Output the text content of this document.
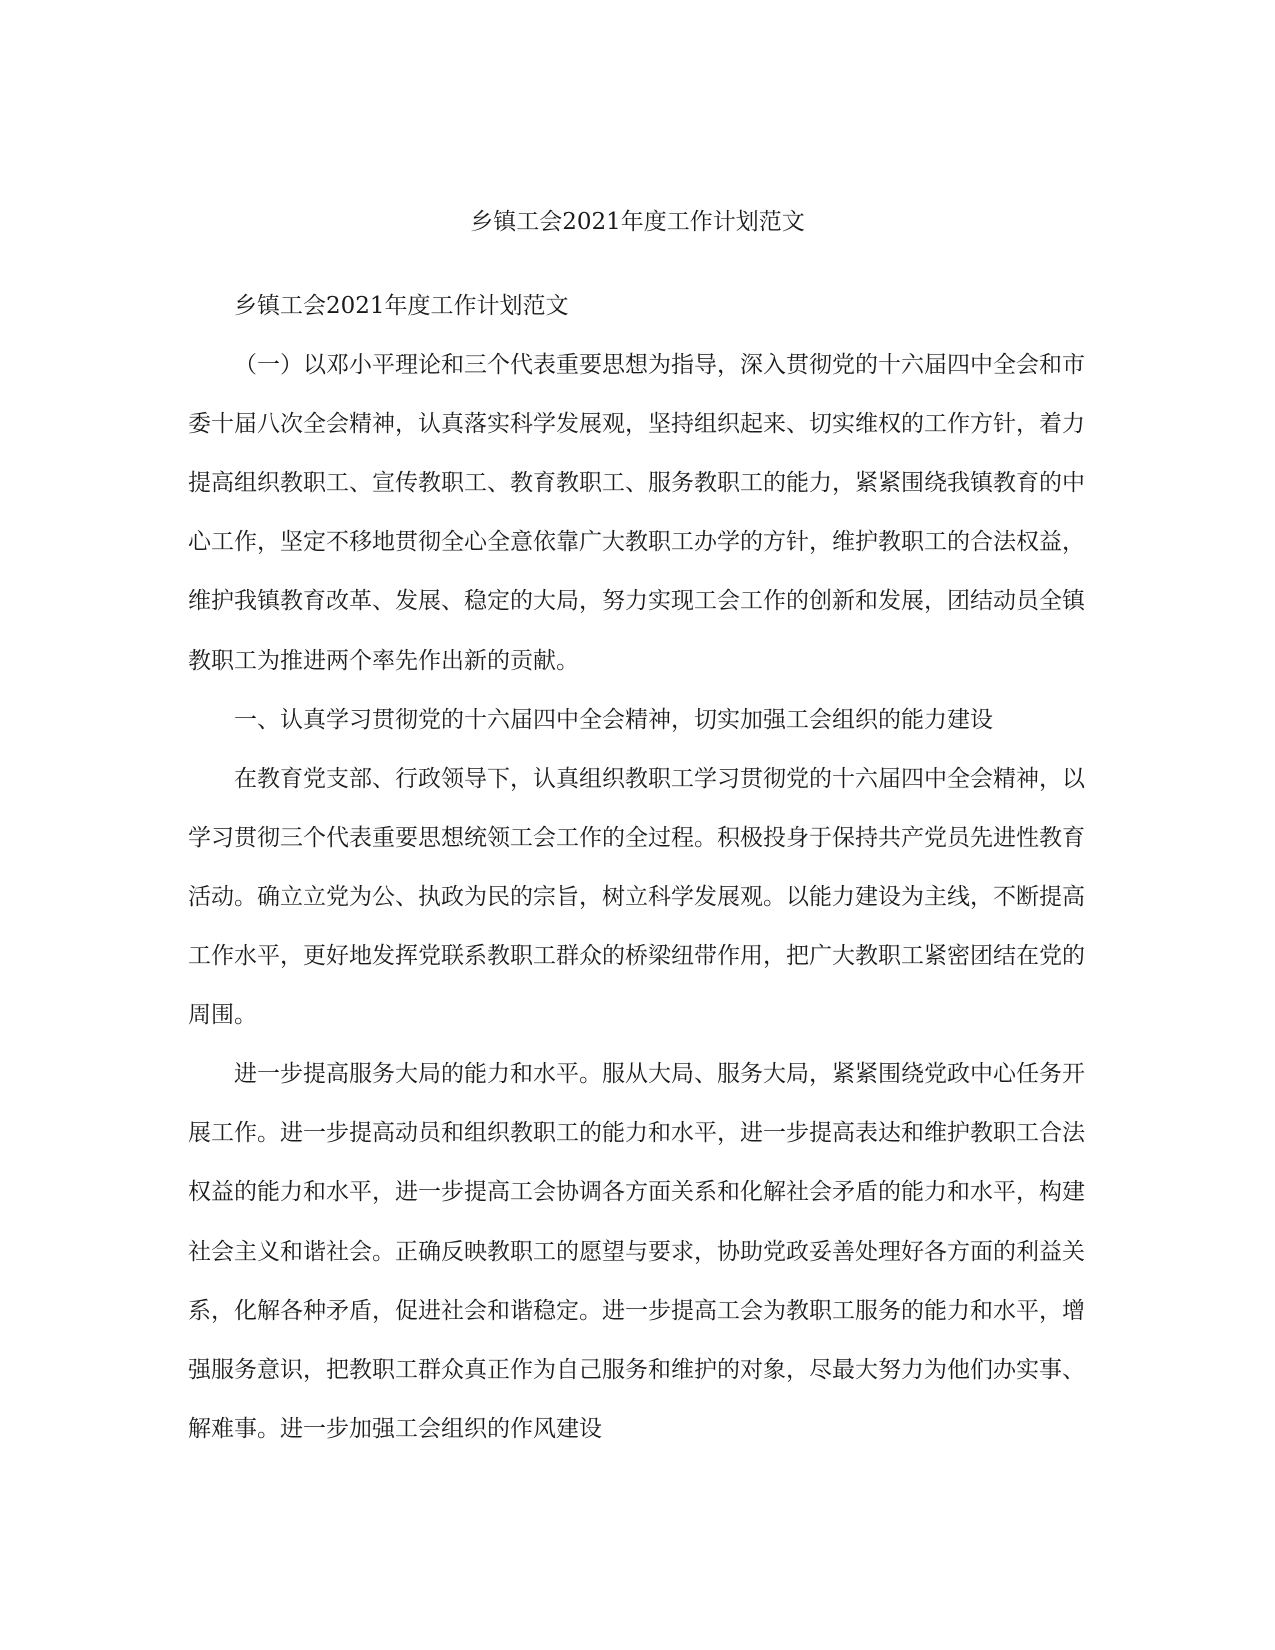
乡镇工会2021年度工作计划范文

乡镇工会2021年度工作计划范文

（一）以邓小平理论和三个代表重要思想为指导，深入贯彻党的十六届四中全会和市委十届八次全会精神，认真落实科学发展观，坚持组织起来、切实维权的工作方针，着力提高组织教职工、宣传教职工、教育教职工、服务教职工的能力，紧紧围绕我镇教育的中心工作，坚定不移地贯彻全心全意依靠广大教职工办学的方针，维护教职工的合法权益，维护我镇教育改革、发展、稳定的大局，努力实现工会工作的创新和发展，团结动员全镇教职工为推进两个率先作出新的贡献。

一、认真学习贯彻党的十六届四中全会精神，切实加强工会组织的能力建设

在教育党支部、行政领导下，认真组织教职工学习贯彻党的十六届四中全会精神，以学习贯彻三个代表重要思想统领工会工作的全过程。积极投身于保持共产党员先进性教育活动。确立立党为公、执政为民的宗旨，树立科学发展观。以能力建设为主线，不断提高工作水平，更好地发挥党联系教职工群众的桥梁纽带作用，把广大教职工紧密团结在党的周围。

进一步提高服务大局的能力和水平。服从大局、服务大局，紧紧围绕党政中心任务开展工作。进一步提高动员和组织教职工的能力和水平，进一步提高表达和维护教职工合法权益的能力和水平，进一步提高工会协调各方面关系和化解社会矛盾的能力和水平，构建社会主义和谐社会。正确反映教职工的愿望与要求，协助党政妥善处理好各方面的利益关系，化解各种矛盾，促进社会和谐稳定。进一步提高工会为教职工服务的能力和水平，增强服务意识，把教职工群众真正作为自己服务和维护的对象，尽最大努力为他们办实事、解难事。进一步加强工会组织的作风建设
